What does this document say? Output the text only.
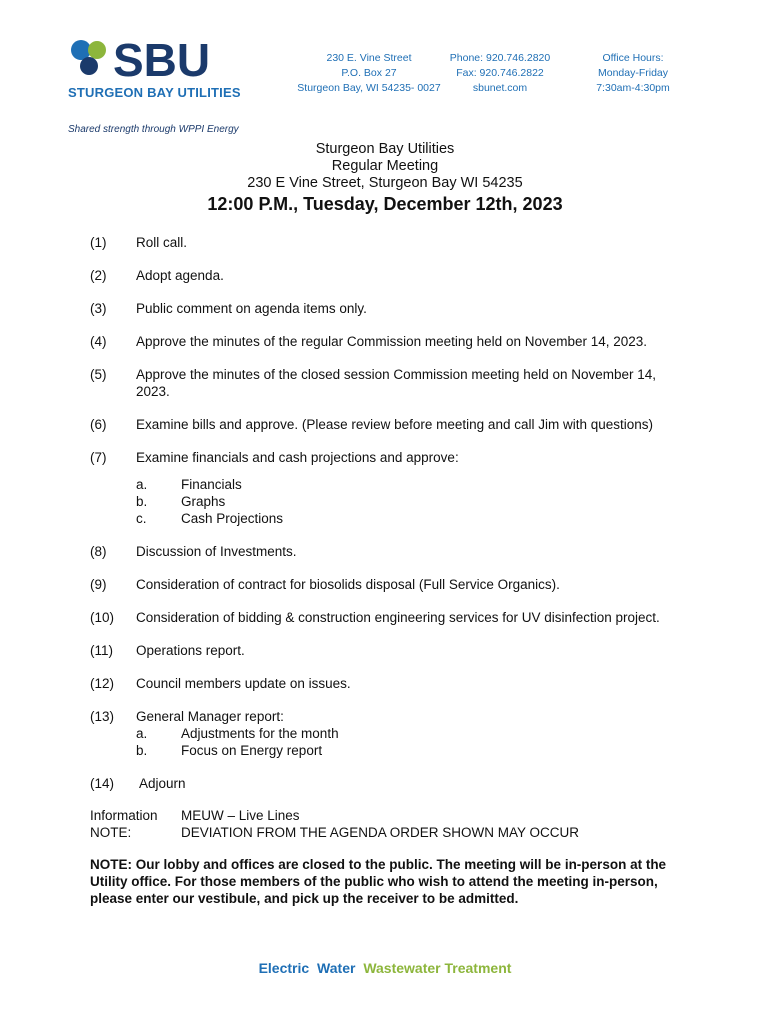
SBU
STURGEON BAY UTILITIES
Shared strength through WPPI Energy
230 E. Vine Street
P.O. Box 27
Sturgeon Bay, WI 54235- 0027
Phone: 920.746.2820
Fax: 920.746.2822
sbunet.com
Office Hours:
Monday-Friday
7:30am-4:30pm
Sturgeon Bay Utilities
Regular Meeting
230 E Vine Street, Sturgeon Bay WI 54235
12:00 P.M., Tuesday, December 12th, 2023
(1)	Roll call.
(2)	Adopt agenda.
(3)	Public comment on agenda items only.
(4)	Approve the minutes of the regular Commission meeting held on November 14, 2023.
(5)	Approve the minutes of the closed session Commission meeting held on November 14, 2023.
(6)	Examine bills and approve. (Please review before meeting and call Jim with questions)
(7)	Examine financials and cash projections and approve:
a.	Financials
b.	Graphs
c.	Cash Projections
(8)	Discussion of Investments.
(9)	Consideration of contract for biosolids disposal (Full Service Organics).
(10)	Consideration of bidding & construction engineering services for UV disinfection project.
(11)	Operations report.
(12)	Council members update on issues.
(13)	General Manager report:
a.	Adjustments for the month
b.	Focus on Energy report
(14)	Adjourn
Information	MEUW – Live Lines
NOTE:	DEVIATION FROM THE AGENDA ORDER SHOWN MAY OCCUR
NOTE: Our lobby and offices are closed to the public. The meeting will be in-person at the Utility office. For those members of the public who wish to attend the meeting in-person, please enter our vestibule, and pick up the receiver to be admitted.
Electric Water Wastewater Treatment
